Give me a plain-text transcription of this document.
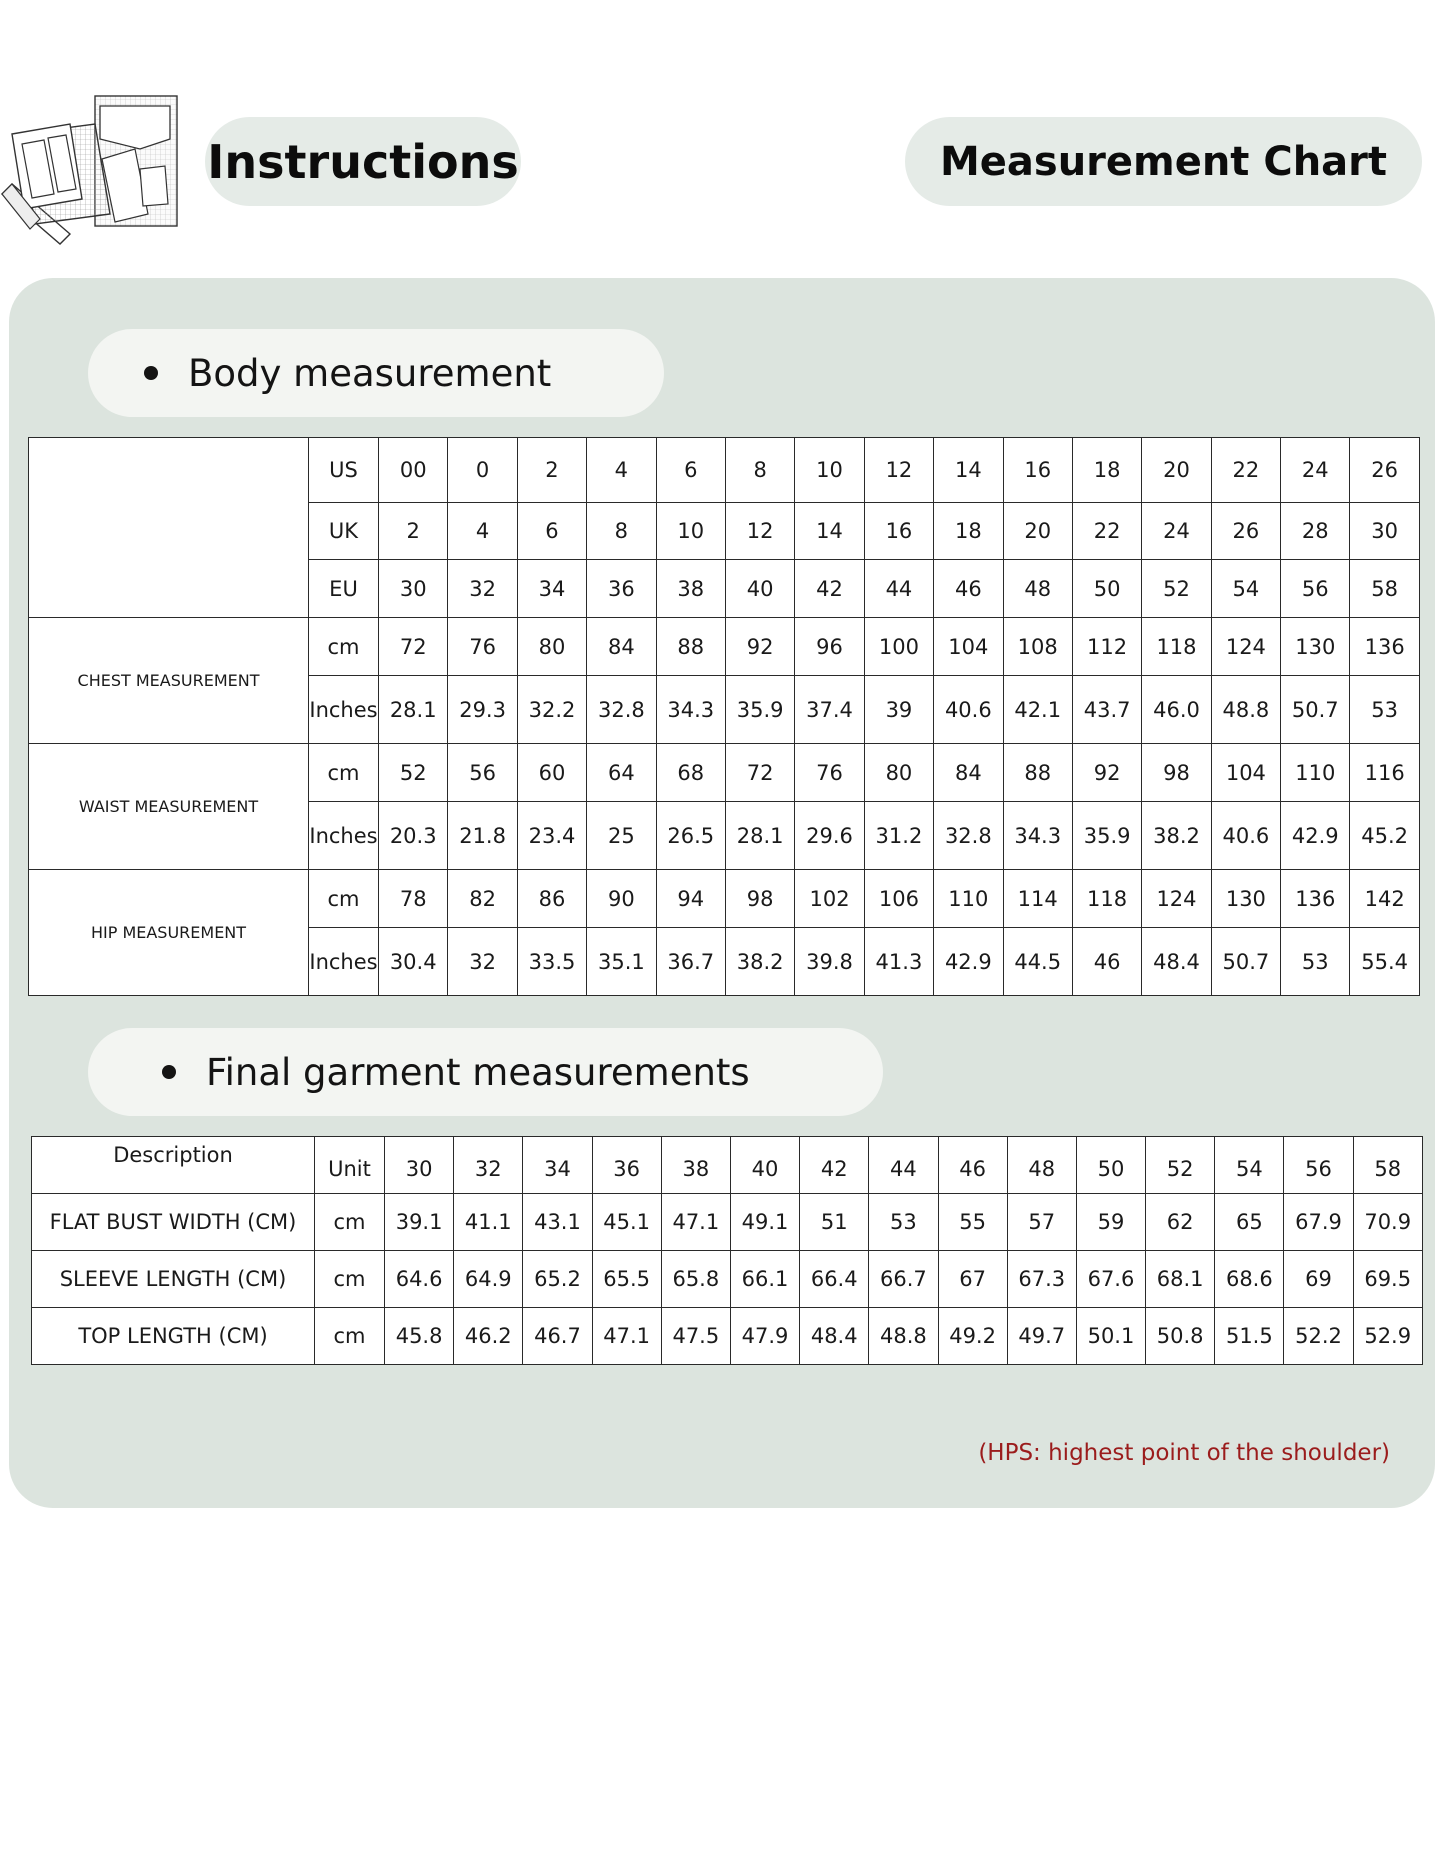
Instructions	Measurement Chart
Body measurement
	US	00	0	2	4	6	8	10	12	14	16	18	20	22	24	26
	UK	2	4	6	8	10	12	14	16	18	20	22	24	26	28	30
	EU	30	32	34	36	38	40	42	44	46	48	50	52	54	56	58
CHEST MEASUREMENT	cm	72	76	80	84	88	92	96	100	104	108	112	118	124	130	136
	Inches	28.1	29.3	32.2	32.8	34.3	35.9	37.4	39	40.6	42.1	43.7	46.0	48.8	50.7	53
WAIST MEASUREMENT	cm	52	56	60	64	68	72	76	80	84	88	92	98	104	110	116
	Inches	20.3	21.8	23.4	25	26.5	28.1	29.6	31.2	32.8	34.3	35.9	38.2	40.6	42.9	45.2
HIP MEASUREMENT	cm	78	82	86	90	94	98	102	106	110	114	118	124	130	136	142
	Inches	30.4	32	33.5	35.1	36.7	38.2	39.8	41.3	42.9	44.5	46	48.4	50.7	53	55.4
Final garment measurements
Description	Unit	30	32	34	36	38	40	42	44	46	48	50	52	54	56	58
FLAT BUST WIDTH (CM)	cm	39.1	41.1	43.1	45.1	47.1	49.1	51	53	55	57	59	62	65	67.9	70.9
SLEEVE LENGTH (CM)	cm	64.6	64.9	65.2	65.5	65.8	66.1	66.4	66.7	67	67.3	67.6	68.1	68.6	69	69.5
TOP LENGTH (CM)	cm	45.8	46.2	46.7	47.1	47.5	47.9	48.4	48.8	49.2	49.7	50.1	50.8	51.5	52.2	52.9
(HPS: highest point of the shoulder)
